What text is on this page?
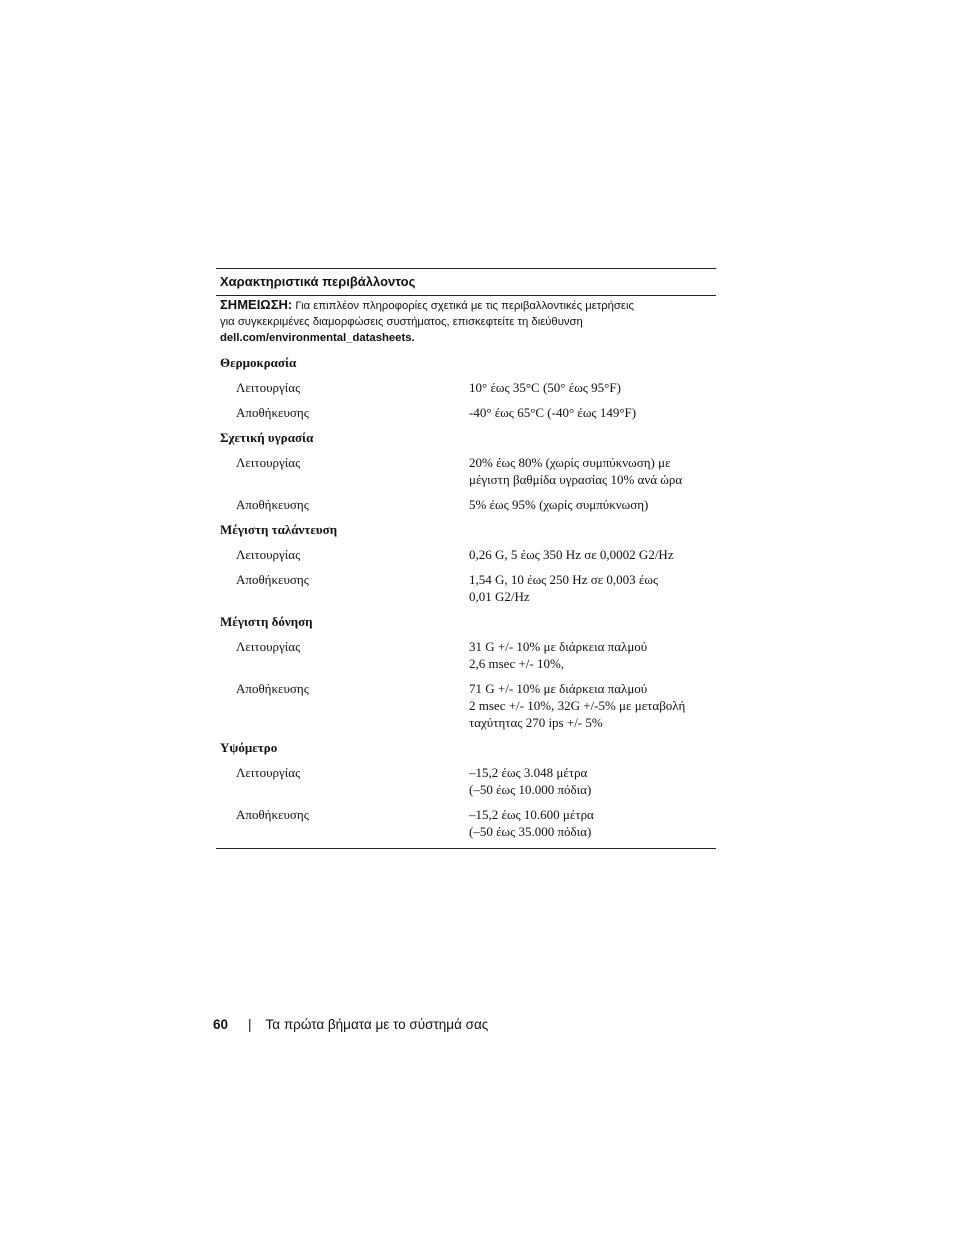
Χαρακτηριστικά περιβάλλοντος
ΣΗΜΕΙΩΣΗ: Για επιπλέον πληροφορίες σχετικά με τις περιβαλλοντικές μετρήσεις
για συγκεκριμένες διαμορφώσεις συστήματος, επισκεφτείτε τη διεύθυνση
dell.com/environmental_datasheets.
Θερμοκρασία
Λειτουργίας	10° έως 35°C (50° έως 95°F)
Αποθήκευσης	-40° έως 65°C (-40° έως 149°F)
Σχετική υγρασία
Λειτουργίας	20% έως 80% (χωρίς συμπύκνωση) με
μέγιστη βαθμίδα υγρασίας 10% ανά ώρα
Αποθήκευσης	5% έως 95% (χωρίς συμπύκνωση)
Μέγιστη ταλάντευση
Λειτουργίας	0,26 G, 5 έως 350 Hz σε 0,0002 G2/Hz
Αποθήκευσης	1,54 G, 10 έως 250 Hz σε 0,003 έως
0,01 G2/Hz
Μέγιστη δόνηση
Λειτουργίας	31 G +/- 10% με διάρκεια παλμού
2,6 msec +/- 10%,
Αποθήκευσης	71 G +/- 10% με διάρκεια παλμού
2 msec +/- 10%, 32G +/-5% με μεταβολή
ταχύτητας 270 ips +/- 5%
Υψόμετρο
Λειτουργίας	–15,2 έως 3.048 μέτρα
(–50 έως 10.000 πόδια)
Αποθήκευσης	–15,2 έως 10.600 μέτρα
(–50 έως 35.000 πόδια)
60 | Τα πρώτα βήματα με το σύστημά σας
